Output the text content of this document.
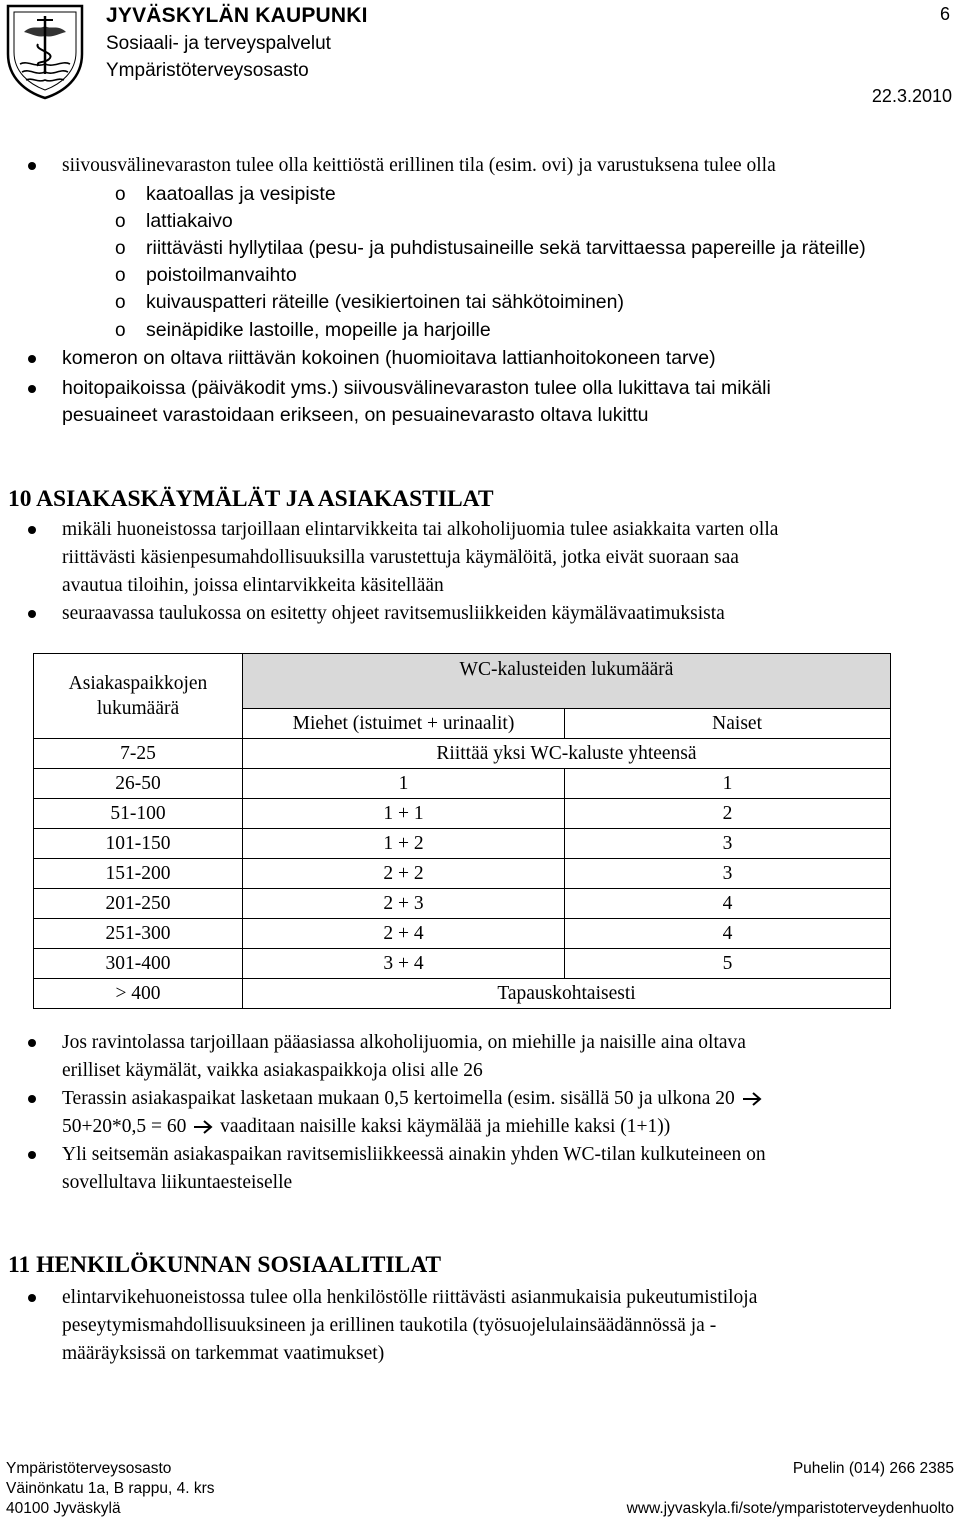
JYVÄSKYLÄN KAUPUNKI
Sosiaali- ja terveyspalvelut
Ympäristöterveysosasto
6
22.3.2010
siivousvälinevaraston tulee olla keittiöstä erillinen tila (esim. ovi) ja varustuksena tulee olla
o kaatoallas ja vesipiste
o lattiakaivo
o riittävästi hyllytilaa (pesu- ja puhdistusaineille sekä tarvittaessa papereille ja räteille)
o poistoilmanvaihto
o kuivauspatteri räteille (vesikiertoinen tai sähkötoiminen)
o seinäpidike lastoille, mopeille ja harjoille
komeron on oltava riittävän kokoinen (huomioitava lattianhoitokoneen tarve)
hoitopaikoissa (päiväkodit yms.) siivousvälinevaraston tulee olla lukittava tai mikäli
pesuaineet varastoidaan erikseen, on pesuainevarasto oltava lukittu
10 ASIAKASKÄYMÄLÄT JA ASIAKASTILAT
mikäli huoneistossa tarjoillaan elintarvikkeita tai alkoholijuomia tulee asiakkaita varten olla
riittävästi käsienpesumahdollisuuksilla varustettuja käymälöitä, jotka eivät suoraan saa
avautua tiloihin, joissa elintarvikkeita käsitellään
seuraavassa taulukossa on esitetty ohjeet ravitsemusliikkeiden käymälävaatimuksista
Asiakaspaikkojen
lukumäärä	WC-kalusteiden lukumäärä	
	Miehet (istuimet + urinaalit)	Naiset
7-25	Riittää yksi WC-kaluste yhteensä	
26-50	1	1
51-100	1 + 1	2
101-150	1 + 2	3
151-200	2 + 2	3
201-250	2 + 3	4
251-300	2 + 4	4
301-400	3 + 4	5
> 400	Tapauskohtaisesti	
Jos ravintolassa tarjoillaan pääasiassa alkoholijuomia, on miehille ja naisille aina oltava
erilliset käymälät, vaikka asiakaspaikkoja olisi alle 26
Terassin asiakaspaikat lasketaan mukaan 0,5 kertoimella (esim. sisällä 50 ja ulkona 20
50+20*0,5 = 60 vaaditaan naisille kaksi käymälää ja miehille kaksi (1+1))
Yli seitsemän asiakaspaikan ravitsemisliikkeessä ainakin yhden WC-tilan kulkuteineen on
sovellultava liikuntaesteiselle
11 HENKILÖKUNNAN SOSIAALITILAT
elintarvikehuoneistossa tulee olla henkilöstölle riittävästi asianmukaisia pukeutumistiloja
peseytymismahdollisuuksineen ja erillinen taukotila (työsuojelulainsäädännössä ja -
määräyksissä on tarkemmat vaatimukset)
Ympäristöterveysosasto
Väinönkatu 1a, B rappu, 4. krs
40100 Jyväskylä
Puhelin (014) 266 2385
www.jyvaskyla.fi/sote/ymparistoterveydenhuolto
